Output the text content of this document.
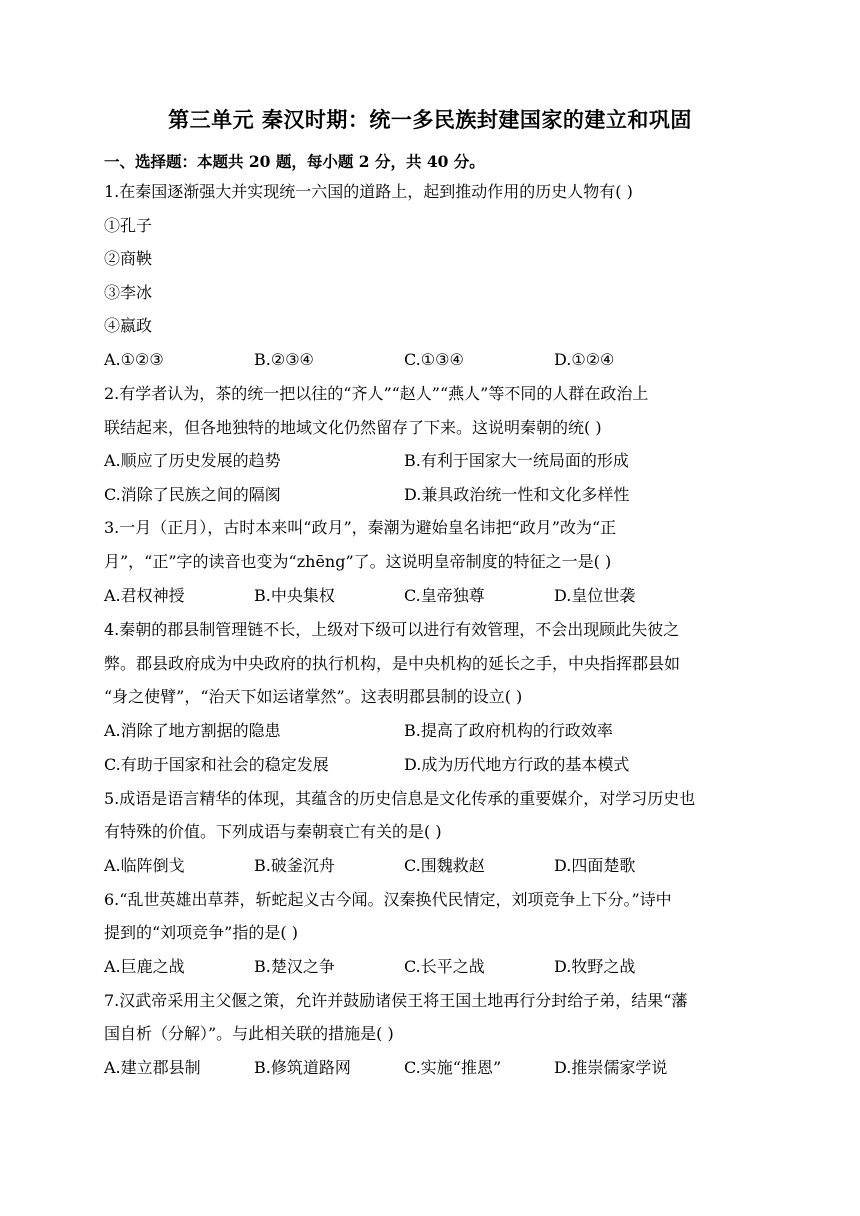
第三单元 秦汉时期：统一多民族封建国家的建立和巩固
一、选择题：本题共 20 题，每小题 2 分，共 40 分。
1.在秦国逐渐强大并实现统一六国的道路上，起到推动作用的历史人物有( )
①孔子
②商鞅
③李冰
④嬴政
A.①②③	B.②③④	C.①③④	D.①②④
2.有学者认为，茶的统一把以往的“齐人”“赵人”“燕人”等不同的人群在政治上
联结起来，但各地独特的地域文化仍然留存了下来。这说明秦朝的统( )
A.顺应了历史发展的趋势	B.有利于国家大一统局面的形成
C.消除了民族之间的隔阂	D.兼具政治统一性和文化多样性
3.一月（正月），古时本来叫“政月”，秦潮为避始皇名讳把“政月”改为“正
月”，“正”字的读音也变为“zhēng”了。这说明皇帝制度的特征之一是( )
A.君权神授	B.中央集权	C.皇帝独尊	D.皇位世袭
4.秦朝的郡县制管理链不长，上级对下级可以进行有效管理，不会出现顾此失彼之
弊。郡县政府成为中央政府的执行机构，是中央机构的延长之手，中央指挥郡县如
“身之使臂”，“治天下如运诸掌然”。这表明郡县制的设立( )
A.消除了地方割据的隐患	B.提高了政府机构的行政效率
C.有助于国家和社会的稳定发展	D.成为历代地方行政的基本模式
5.成语是语言精华的体现，其蕴含的历史信息是文化传承的重要媒介，对学习历史也
有特殊的价值。下列成语与秦朝衰亡有关的是( )
A.临阵倒戈	B.破釜沉舟	C.围魏救赵	D.四面楚歌
6.“乱世英雄出草莽，斩蛇起义古今闻。汉秦换代民情定，刘项竞争上下分。”诗中
提到的“刘项竞争”指的是( )
A.巨鹿之战	B.楚汉之争	C.长平之战	D.牧野之战
7.汉武帝采用主父偃之策，允许并鼓励诸侯王将王国土地再行分封给子弟，结果“藩
国自析（分解）”。与此相关联的措施是( )
A.建立郡县制	B.修筑道路网	C.实施“推恩”	D.推崇儒家学说
